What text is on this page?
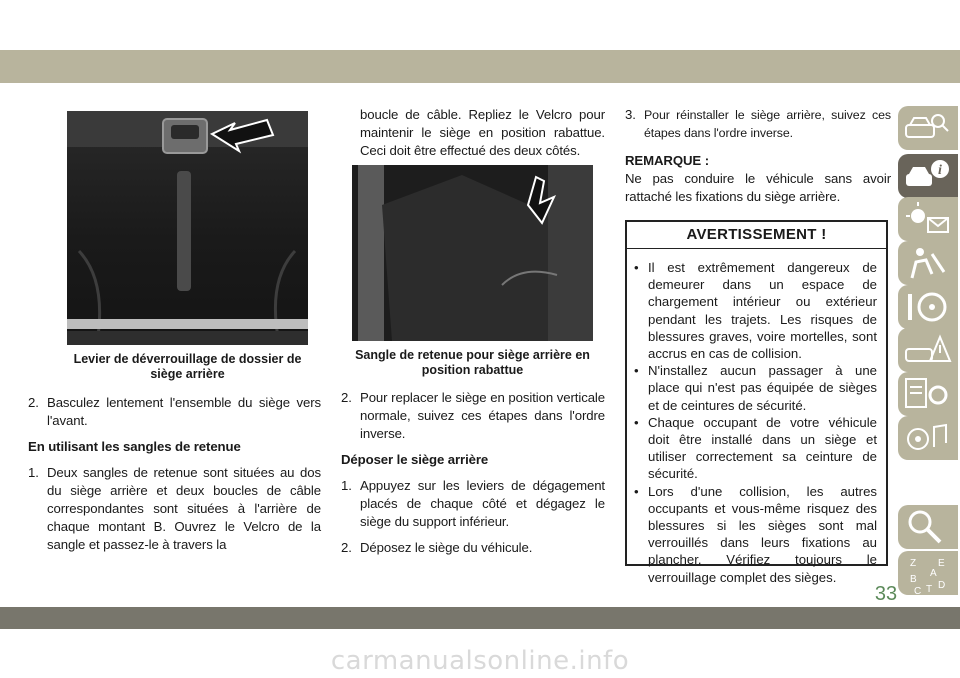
Levier de déverrouillage de dossier de
siège arrière
Sangle de retenue pour siège arrière en
position rabattue
2. Basculez lentement l'ensemble du siège vers l'avant.

En utilisant les sangles de retenue

1. Deux sangles de retenue sont situées au dos du siège arrière et deux boucles de câble correspondantes sont situées à l'arrière de chaque montant B. Ouvrez le Velcro de la sangle et passez-le à travers la

boucle de câble. Repliez le Velcro pour maintenir le siège en position rabattue. Ceci doit être effectué des deux côtés.

2. Pour replacer le siège en position verticale normale, suivez ces étapes dans l'ordre inverse.

Déposer le siège arrière

1. Appuyez sur les leviers de dégagement placés de chaque côté et dégagez le siège du support inférieur.
2. Déposez le siège du véhicule.
3. Pour réinstaller le siège arrière, suivez ces étapes dans l'ordre inverse.

REMARQUE :

Ne pas conduire le véhicule sans avoir rattaché les fixations du siège arrière.

AVERTISSEMENT !
• Il est extrêmement dangereux de demeurer dans un espace de chargement intérieur ou extérieur pendant les trajets. Les risques de blessures graves, voire mortelles, sont accrus en cas de collision.
• N'installez aucun passager à une place qui n'est pas équipée de sièges et de ceintures de sécurité.
• Chaque occupant de votre véhicule doit être installé dans un siège et utiliser correctement sa ceinture de sécurité.
• Lors d'une collision, les autres occupants et vous-même risquez des blessures si les sièges sont mal verrouillés dans leurs fixations au plancher. Vérifiez toujours le verrouillage complet des sièges.
i
Z E
A
B
C T D
33
carmanualsonline.info
